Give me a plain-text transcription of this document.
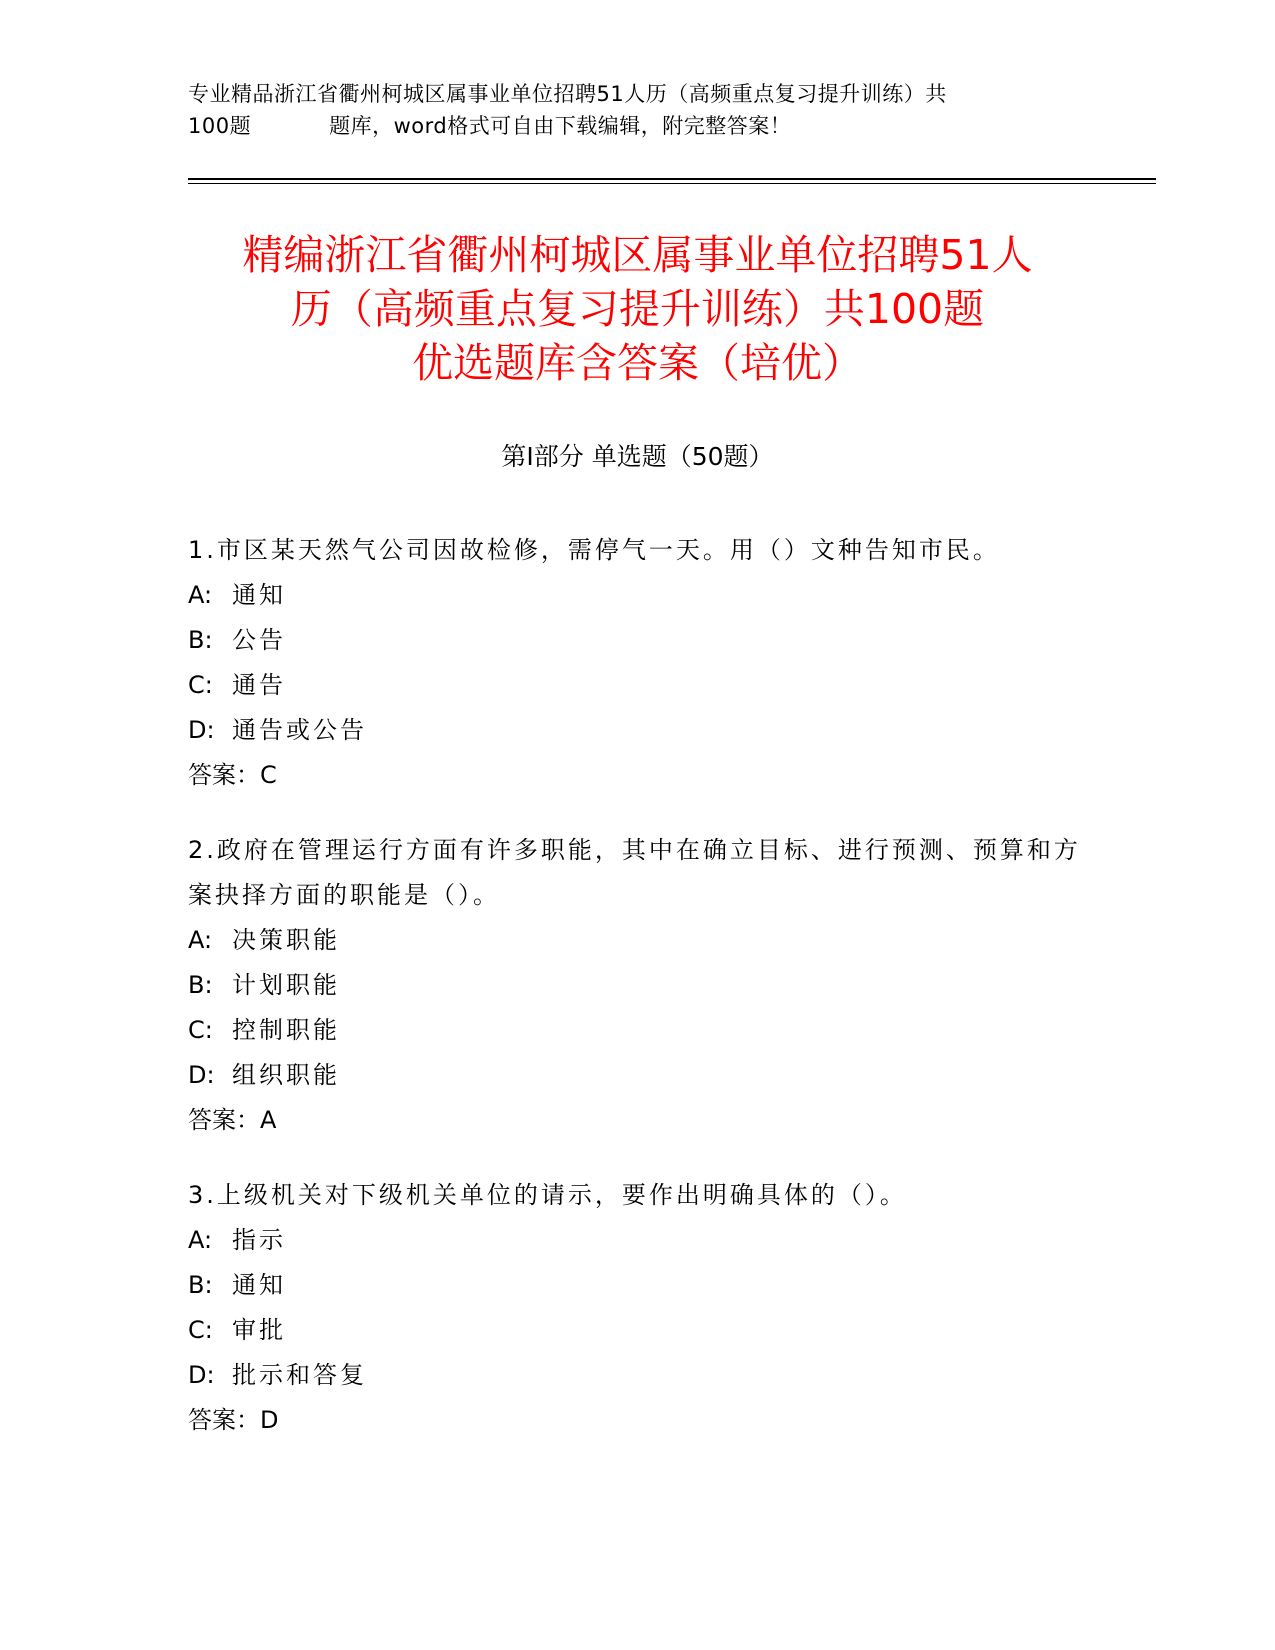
专业精品浙江省衢州柯城区属事业单位招聘51人历（高频重点复习提升训练）共
100题	题库，word格式可自由下载编辑，附完整答案！
精编浙江省衢州柯城区属事业单位招聘51人
历（高频重点复习提升训练）共100题
优选题库含答案（培优）
第Ⅰ部分 单选题（50题）

1.市区某天然气公司因故检修，需停气一天。用（）文种告知市民。

A: 通知

B: 公告

C: 通告

D: 通告或公告

答案：C

2.政府在管理运行方面有许多职能，其中在确立目标、进行预测、预算和方案抉择方面的职能是（）。

A: 决策职能

B: 计划职能

C: 控制职能

D: 组织职能

答案：A

3.上级机关对下级机关单位的请示，要作出明确具体的（）。

A: 指示

B: 通知

C: 审批

D: 批示和答复

答案：D
